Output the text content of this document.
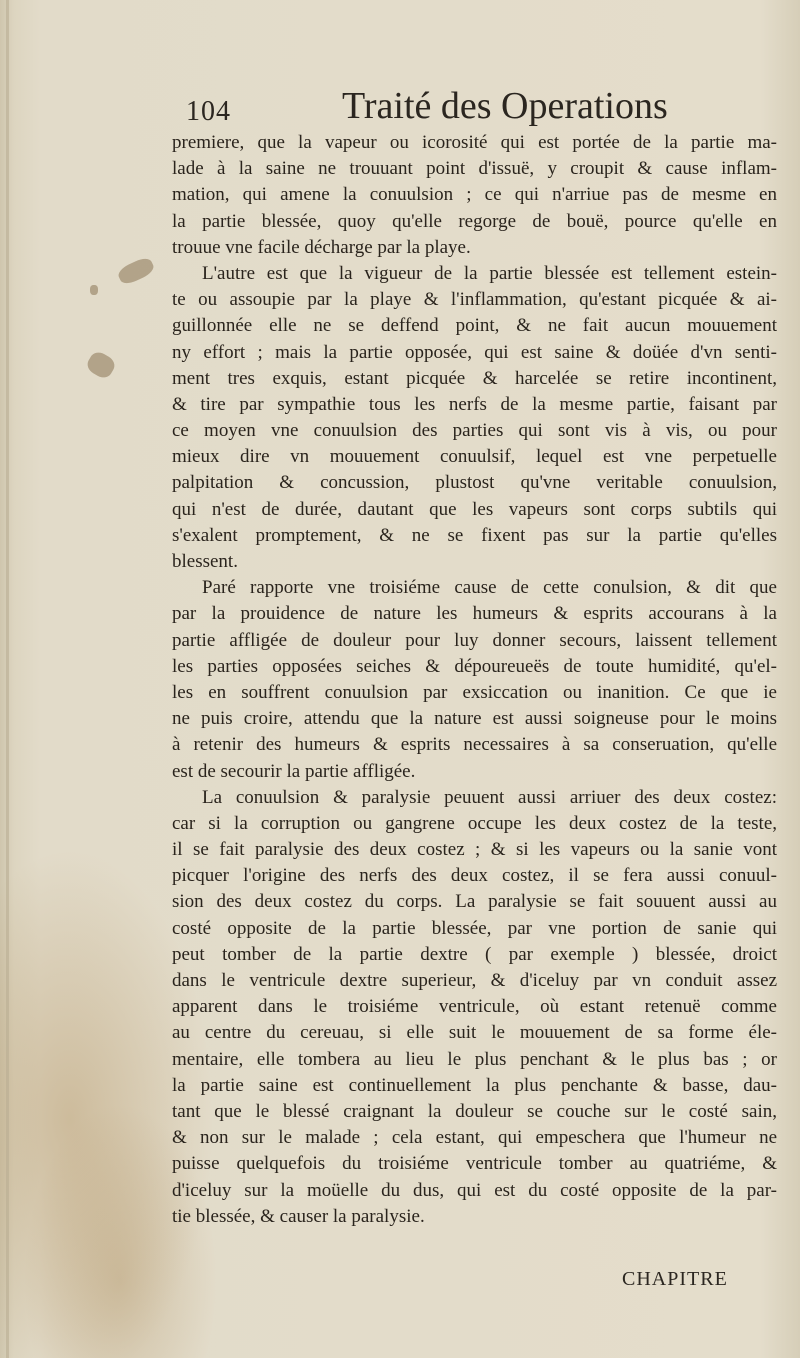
104	Traité des Operations
premiere, que la vapeur ou icorosité qui est portée de la partie ma-
lade à la saine ne trouuant point d'issuë, y croupit & cause inflam-
mation, qui amene la conuulsion ; ce qui n'arriue pas de mesme en
la partie blessée, quoy qu'elle regorge de bouë, pource qu'elle en
trouue vne facile décharge par la playe.
L'autre est que la vigueur de la partie blessée est tellement estein-
te ou assoupie par la playe & l'inflammation, qu'estant picquée & ai-
guillonnée elle ne se deffend point, & ne fait aucun mouuement
ny effort ; mais la partie opposée, qui est saine & doüée d'vn senti-
ment tres exquis, estant picquée & harcelée se retire incontinent,
& tire par sympathie tous les nerfs de la mesme partie, faisant par
ce moyen vne conuulsion des parties qui sont vis à vis, ou pour
mieux dire vn mouuement conuulsif, lequel est vne perpetuelle
palpitation & concussion, plustost qu'vne veritable conuulsion,
qui n'est de durée, dautant que les vapeurs sont corps subtils qui
s'exalent promptement, & ne se fixent pas sur la partie qu'elles
blessent.
Paré rapporte vne troisiéme cause de cette conulsion, & dit que
par la prouidence de nature les humeurs & esprits accourans à la
partie affligée de douleur pour luy donner secours, laissent tellement
les parties opposées seiches & dépoureueës de toute humidité, qu'el-
les en souffrent conuulsion par exsiccation ou inanition. Ce que ie
ne puis croire, attendu que la nature est aussi soigneuse pour le moins
à retenir des humeurs & esprits necessaires à sa conseruation, qu'elle
est de secourir la partie affligée.
La conuulsion & paralysie peuuent aussi arriuer des deux costez:
car si la corruption ou gangrene occupe les deux costez de la teste,
il se fait paralysie des deux costez ; & si les vapeurs ou la sanie vont
picquer l'origine des nerfs des deux costez, il se fera aussi conuul-
sion des deux costez du corps. La paralysie se fait souuent aussi au
costé opposite de la partie blessée, par vne portion de sanie qui
peut tomber de la partie dextre ( par exemple ) blessée, droict
dans le ventricule dextre superieur, & d'iceluy par vn conduit assez
apparent dans le troisiéme ventricule, où estant retenuë comme
au centre du cereuau, si elle suit le mouuement de sa forme éle-
mentaire, elle tombera au lieu le plus penchant & le plus bas ; or
la partie saine est continuellement la plus penchante & basse, dau-
tant que le blessé craignant la douleur se couche sur le costé sain,
& non sur le malade ; cela estant, qui empeschera que l'humeur ne
puisse quelquefois du troisiéme ventricule tomber au quatriéme, &
d'iceluy sur la moüelle du dus, qui est du costé opposite de la par-
tie blessée, & causer la paralysie.
CHAPITRE
